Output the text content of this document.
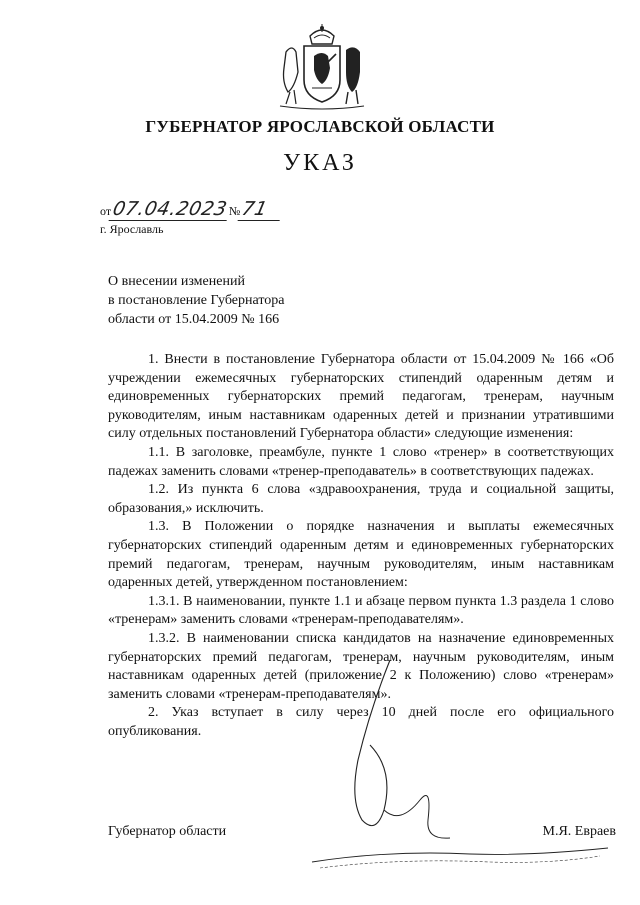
ГУБЕРНАТОР ЯРОСЛАВСКОЙ ОБЛАСТИ
УКАЗ
от07.04.2023№71
г. Ярославль
О внесении изменений
в постановление Губернатора
области от 15.04.2009 № 166

1. Внести в постановление Губернатора области от 15.04.2009 № 166 «Об учреждении ежемесячных губернаторских стипендий одаренным детям и единовременных губернаторских премий педагогам, тренерам, научным руководителям, иным наставникам одаренных детей и признании утратившими силу отдельных постановлений Губернатора области» следующие изменения:

1.1. В заголовке, преамбуле, пункте 1 слово «тренер» в соответствующих падежах заменить словами «тренер-преподаватель» в соответствующих падежах.

1.2. Из пункта 6 слова «здравоохранения, труда и социальной защиты, образования,» исключить.

1.3. В Положении о порядке назначения и выплаты ежемесячных губернаторских стипендий одаренным детям и единовременных губернаторских премий педагогам, тренерам, научным руководителям, иным наставникам одаренных детей, утвержденном постановлением:

1.3.1. В наименовании, пункте 1.1 и абзаце первом пункта 1.3 раздела 1 слово «тренерам» заменить словами «тренерам-преподавателям».

1.3.2. В наименовании списка кандидатов на назначение единовременных губернаторских премий педагогам, тренерам, научным руководителям, иным наставникам одаренных детей (приложение 2 к Положению) слово «тренерам» заменить словами «тренерам-преподавателям».

2. Указ вступает в силу через 10 дней после его официального опубликования.

Губернатор области	М.Я. Евраев
